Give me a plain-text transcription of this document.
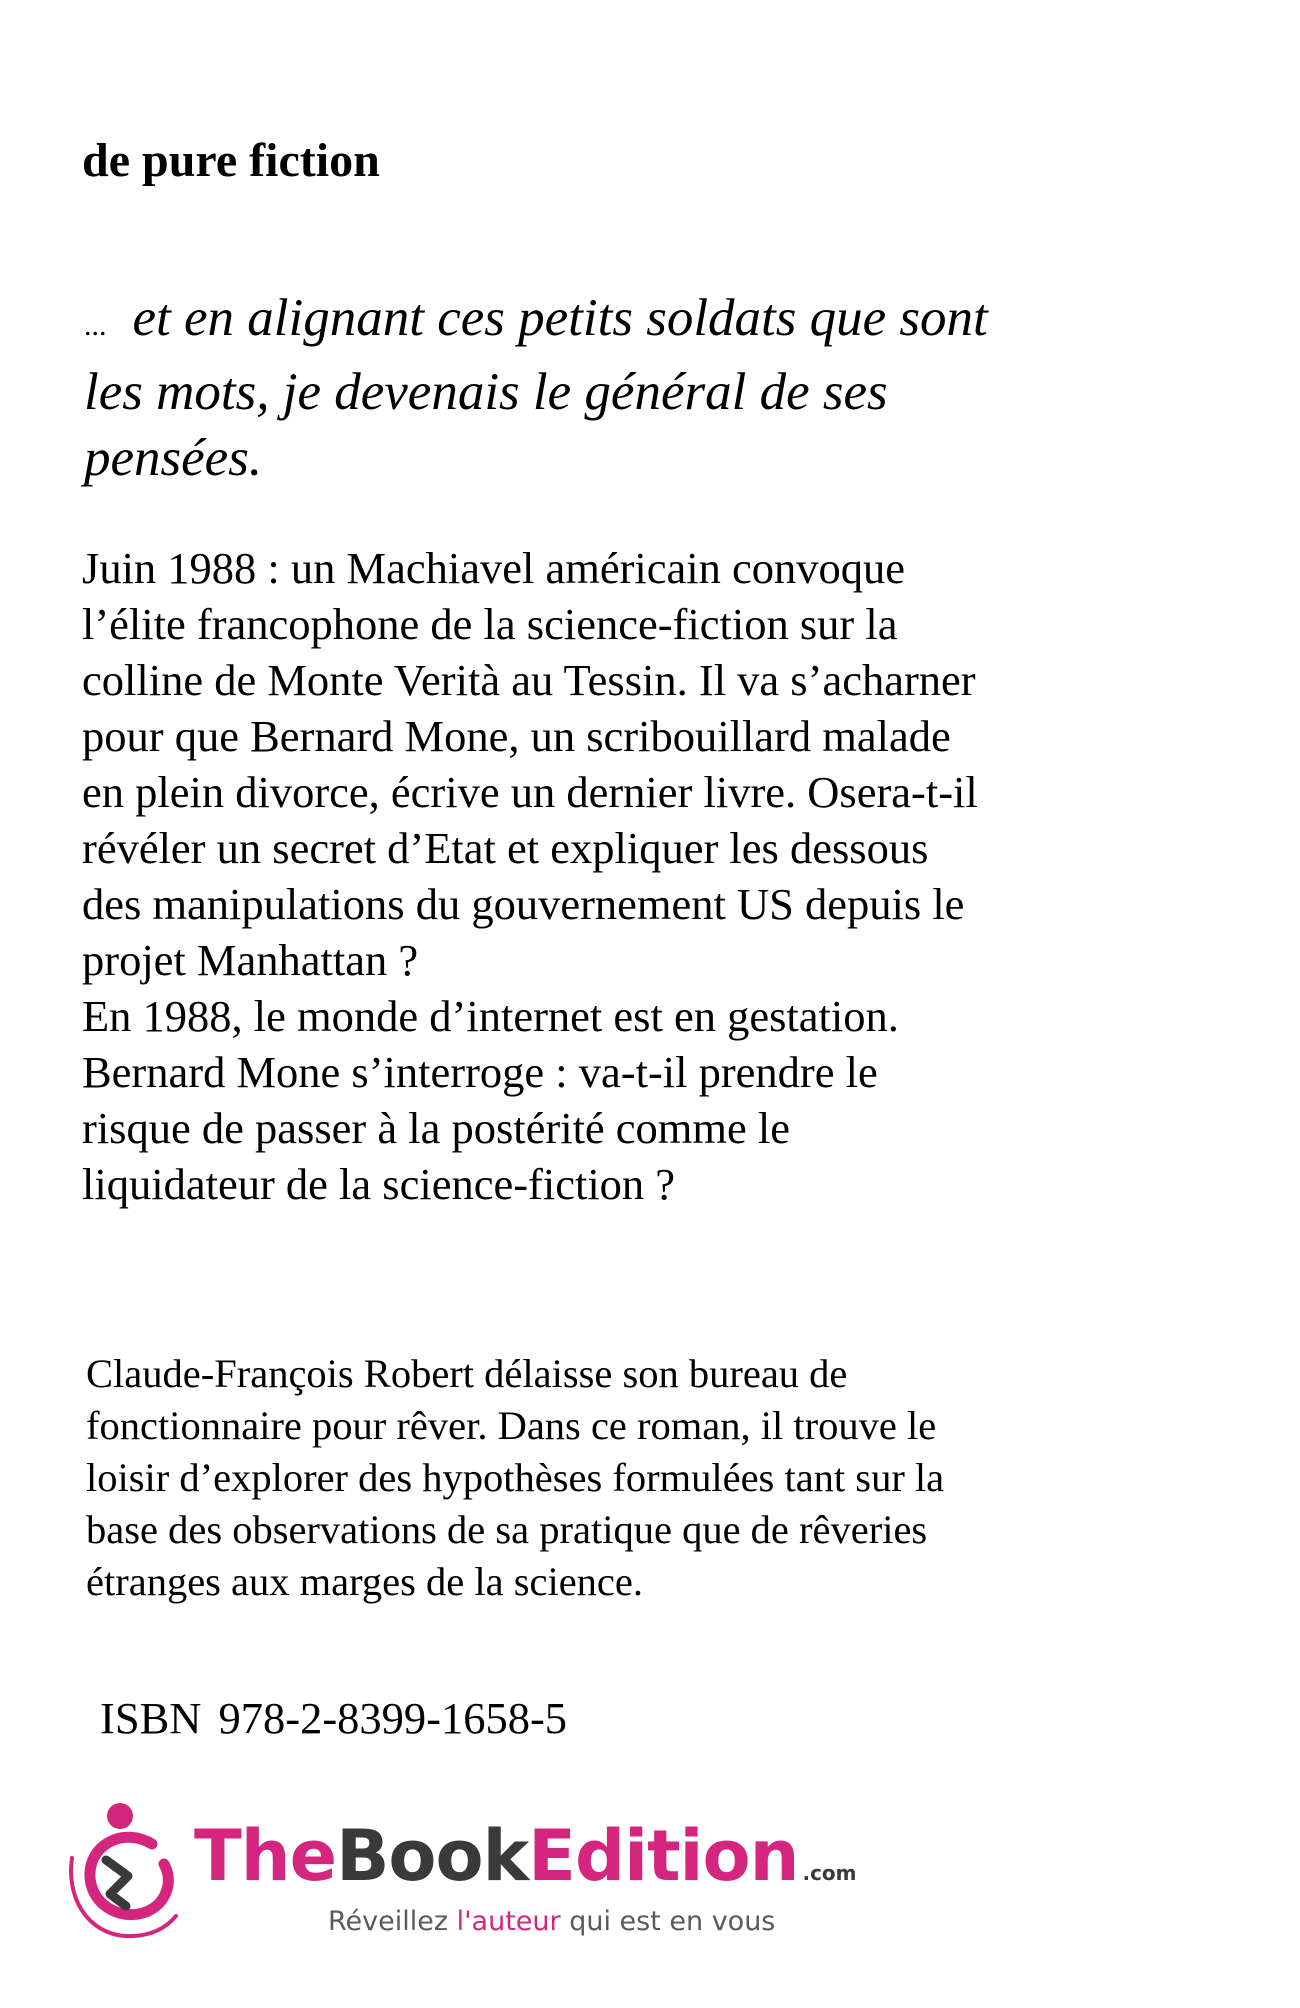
de pure fiction
... et en alignant ces petits soldats que sont
les mots, je devenais le général de ses
pensées.
Juin 1988 : un Machiavel américain convoque
l’élite francophone de la science-fiction sur la
colline de Monte Verità au Tessin. Il va s’acharner
pour que Bernard Mone, un scribouillard malade
en plein divorce, écrive un dernier livre. Osera-t-il
révéler un secret d’Etat et expliquer les dessous
des manipulations du gouvernement US depuis le
projet Manhattan ?
En 1988, le monde d’internet est en gestation.
Bernard Mone s’interroge : va-t-il prendre le
risque de passer à la postérité comme le
liquidateur de la science-fiction ?
Claude-François Robert délaisse son bureau de
fonctionnaire pour rêver. Dans ce roman, il trouve le
loisir d’explorer des hypothèses formulées tant sur la
base des observations de sa pratique que de rêveries
étranges aux marges de la science.
ISBN 978-2-8399-1658-5
TheBookEdition .com
Réveillez l'auteur qui est en vous
